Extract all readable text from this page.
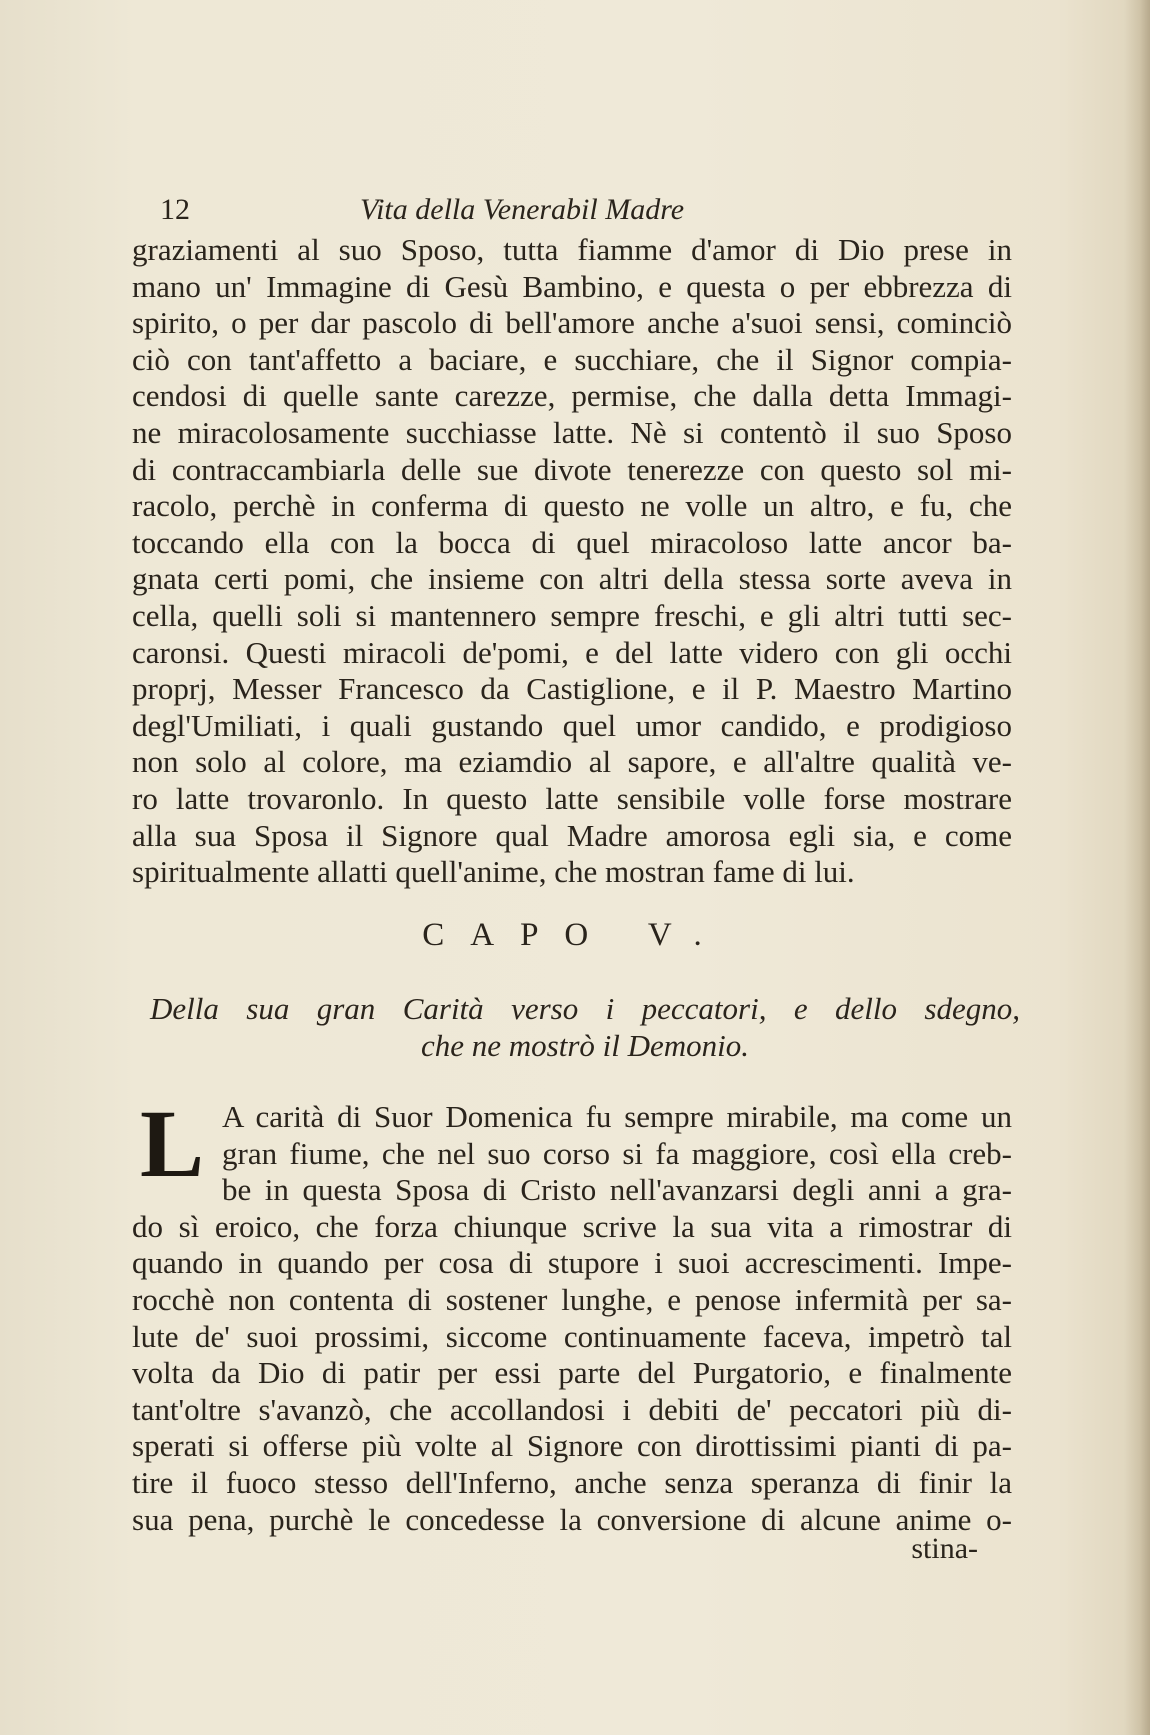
12	Vita della Venerabil Madre
graziamenti al suo Sposo, tutta fiamme d'amor di Dio prese in
mano un' Immagine di Gesù Bambino, e questa o per ebbrezza di
spirito, o per dar pascolo di bell'amore anche a'suoi sensi, cominciò
ciò con tant'affetto a baciare, e succhiare, che il Signor compia-
cendosi di quelle sante carezze, permise, che dalla detta Immagi-
ne miracolosamente succhiasse latte. Nè si contentò il suo Sposo
di contraccambiarla delle sue divote tenerezze con questo sol mi-
racolo, perchè in conferma di questo ne volle un altro, e fu, che
toccando ella con la bocca di quel miracoloso latte ancor ba-
gnata certi pomi, che insieme con altri della stessa sorte aveva in
cella, quelli soli si mantennero sempre freschi, e gli altri tutti sec-
caronsi. Questi miracoli de'pomi, e del latte videro con gli occhi
proprj, Messer Francesco da Castiglione, e il P. Maestro Martino
degl'Umiliati, i quali gustando quel umor candido, e prodigioso
non solo al colore, ma eziamdio al sapore, e all'altre qualità ve-
ro latte trovaronlo. In questo latte sensibile volle forse mostrare
alla sua Sposa il Signore qual Madre amorosa egli sia, e come
spiritualmente allatti quell'anime, che mostran fame di lui.
CAPO V.
Della sua gran Carità verso i peccatori, e dello sdegno,
che ne mostrò il Demonio.
L A carità di Suor Domenica fu sempre mirabile, ma come un
gran fiume, che nel suo corso si fa maggiore, così ella creb-
be in questa Sposa di Cristo nell'avanzarsi degli anni a gra-
do sì eroico, che forza chiunque scrive la sua vita a rimostrar di
quando in quando per cosa di stupore i suoi accrescimenti. Impe-
rocchè non contenta di sostener lunghe, e penose infermità per sa-
lute de' suoi prossimi, siccome continuamente faceva, impetrò tal
volta da Dio di patir per essi parte del Purgatorio, e finalmente
tant'oltre s'avanzò, che accollandosi i debiti de' peccatori più di-
sperati si offerse più volte al Signore con dirottissimi pianti di pa-
tire il fuoco stesso dell'Inferno, anche senza speranza di finir la
sua pena, purchè le concedesse la conversione di alcune anime o-
stina-
